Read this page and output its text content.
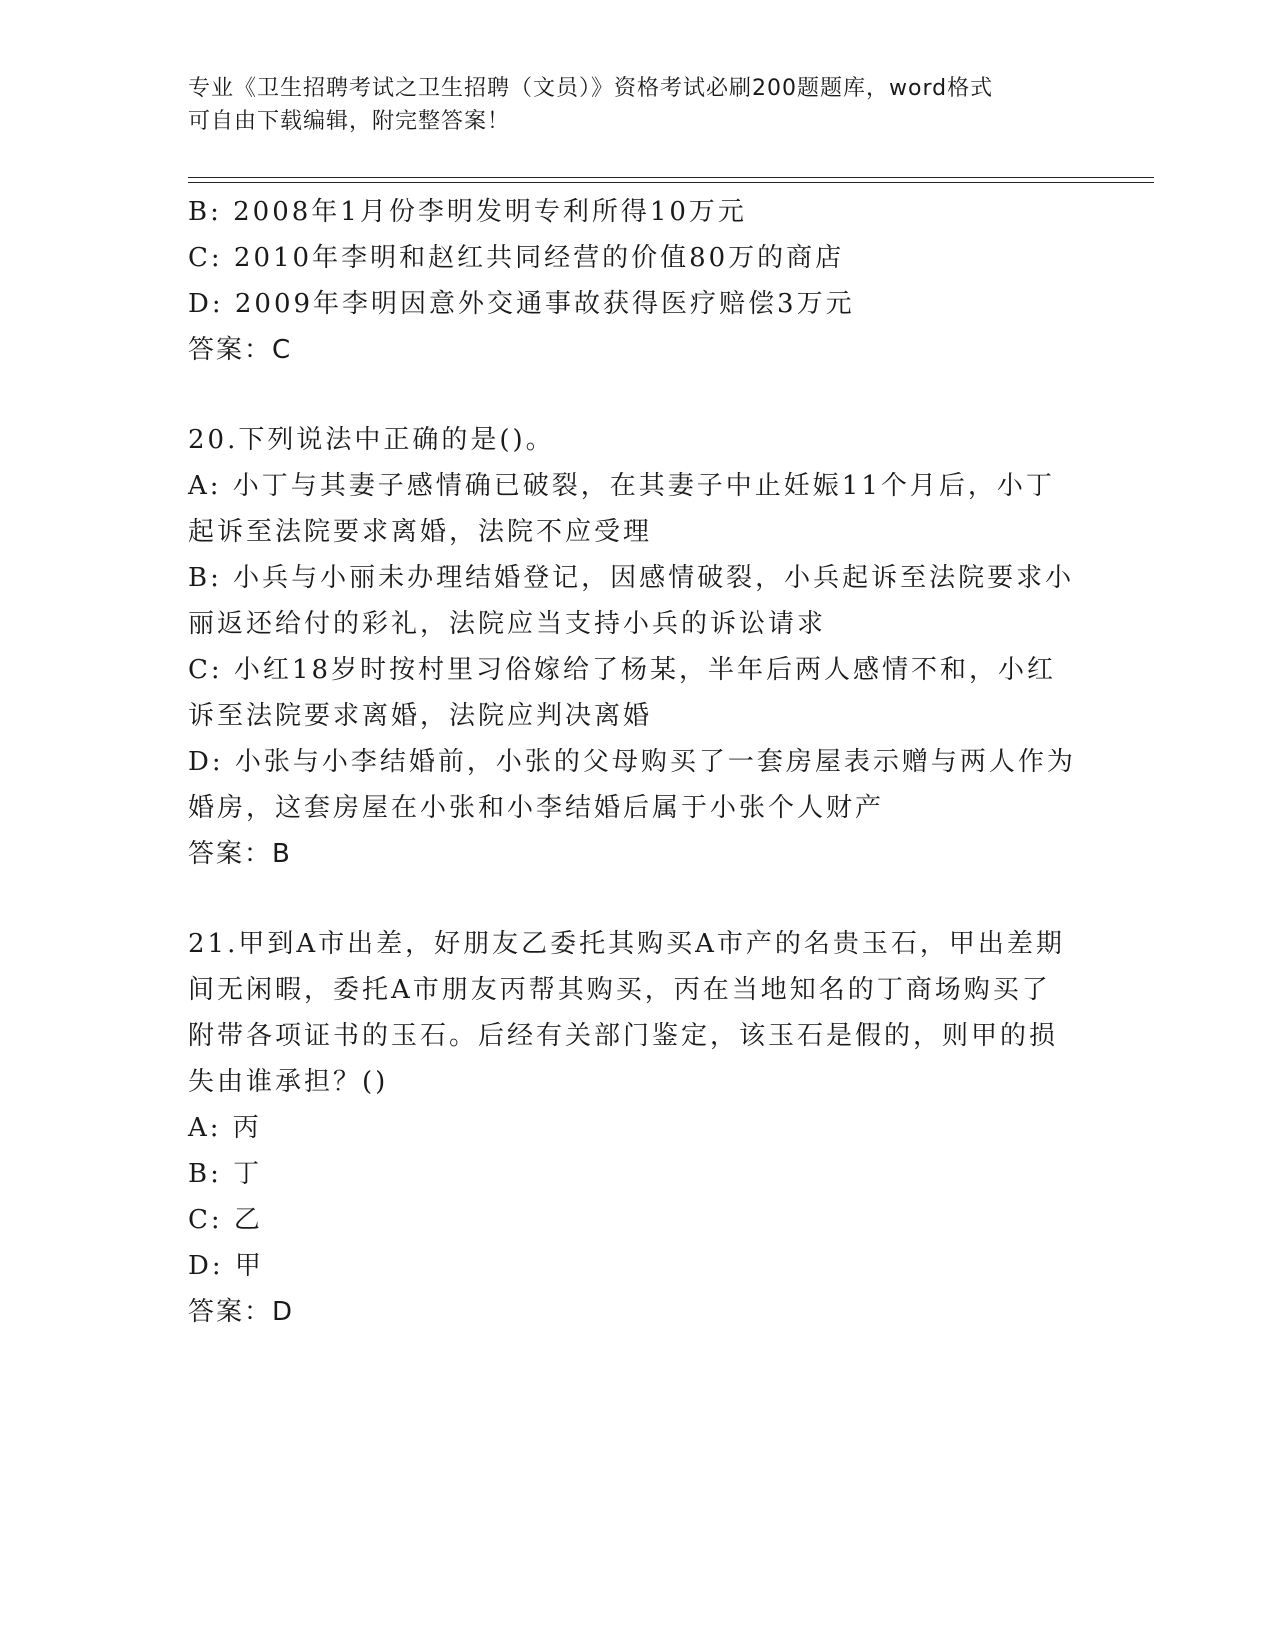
专业《卫生招聘考试之卫生招聘（文员）》资格考试必刷200题题库，word格式
可自由下载编辑，附完整答案！
B: 2008年1月份李明发明专利所得10万元
C: 2010年李明和赵红共同经营的价值80万的商店
D: 2009年李明因意外交通事故获得医疗赔偿3万元
答案：C
20.下列说法中正确的是()。
A: 小丁与其妻子感情确已破裂，在其妻子中止妊娠11个月后，小丁
起诉至法院要求离婚，法院不应受理
B: 小兵与小丽未办理结婚登记，因感情破裂，小兵起诉至法院要求小
丽返还给付的彩礼，法院应当支持小兵的诉讼请求
C: 小红18岁时按村里习俗嫁给了杨某，半年后两人感情不和，小红
诉至法院要求离婚，法院应判决离婚
D: 小张与小李结婚前，小张的父母购买了一套房屋表示赠与两人作为
婚房，这套房屋在小张和小李结婚后属于小张个人财产
答案：B
21.甲到A市出差，好朋友乙委托其购买A市产的名贵玉石，甲出差期
间无闲暇，委托A市朋友丙帮其购买，丙在当地知名的丁商场购买了
附带各项证书的玉石。后经有关部门鉴定，该玉石是假的，则甲的损
失由谁承担？()
A: 丙
B: 丁
C: 乙
D: 甲
答案：D
